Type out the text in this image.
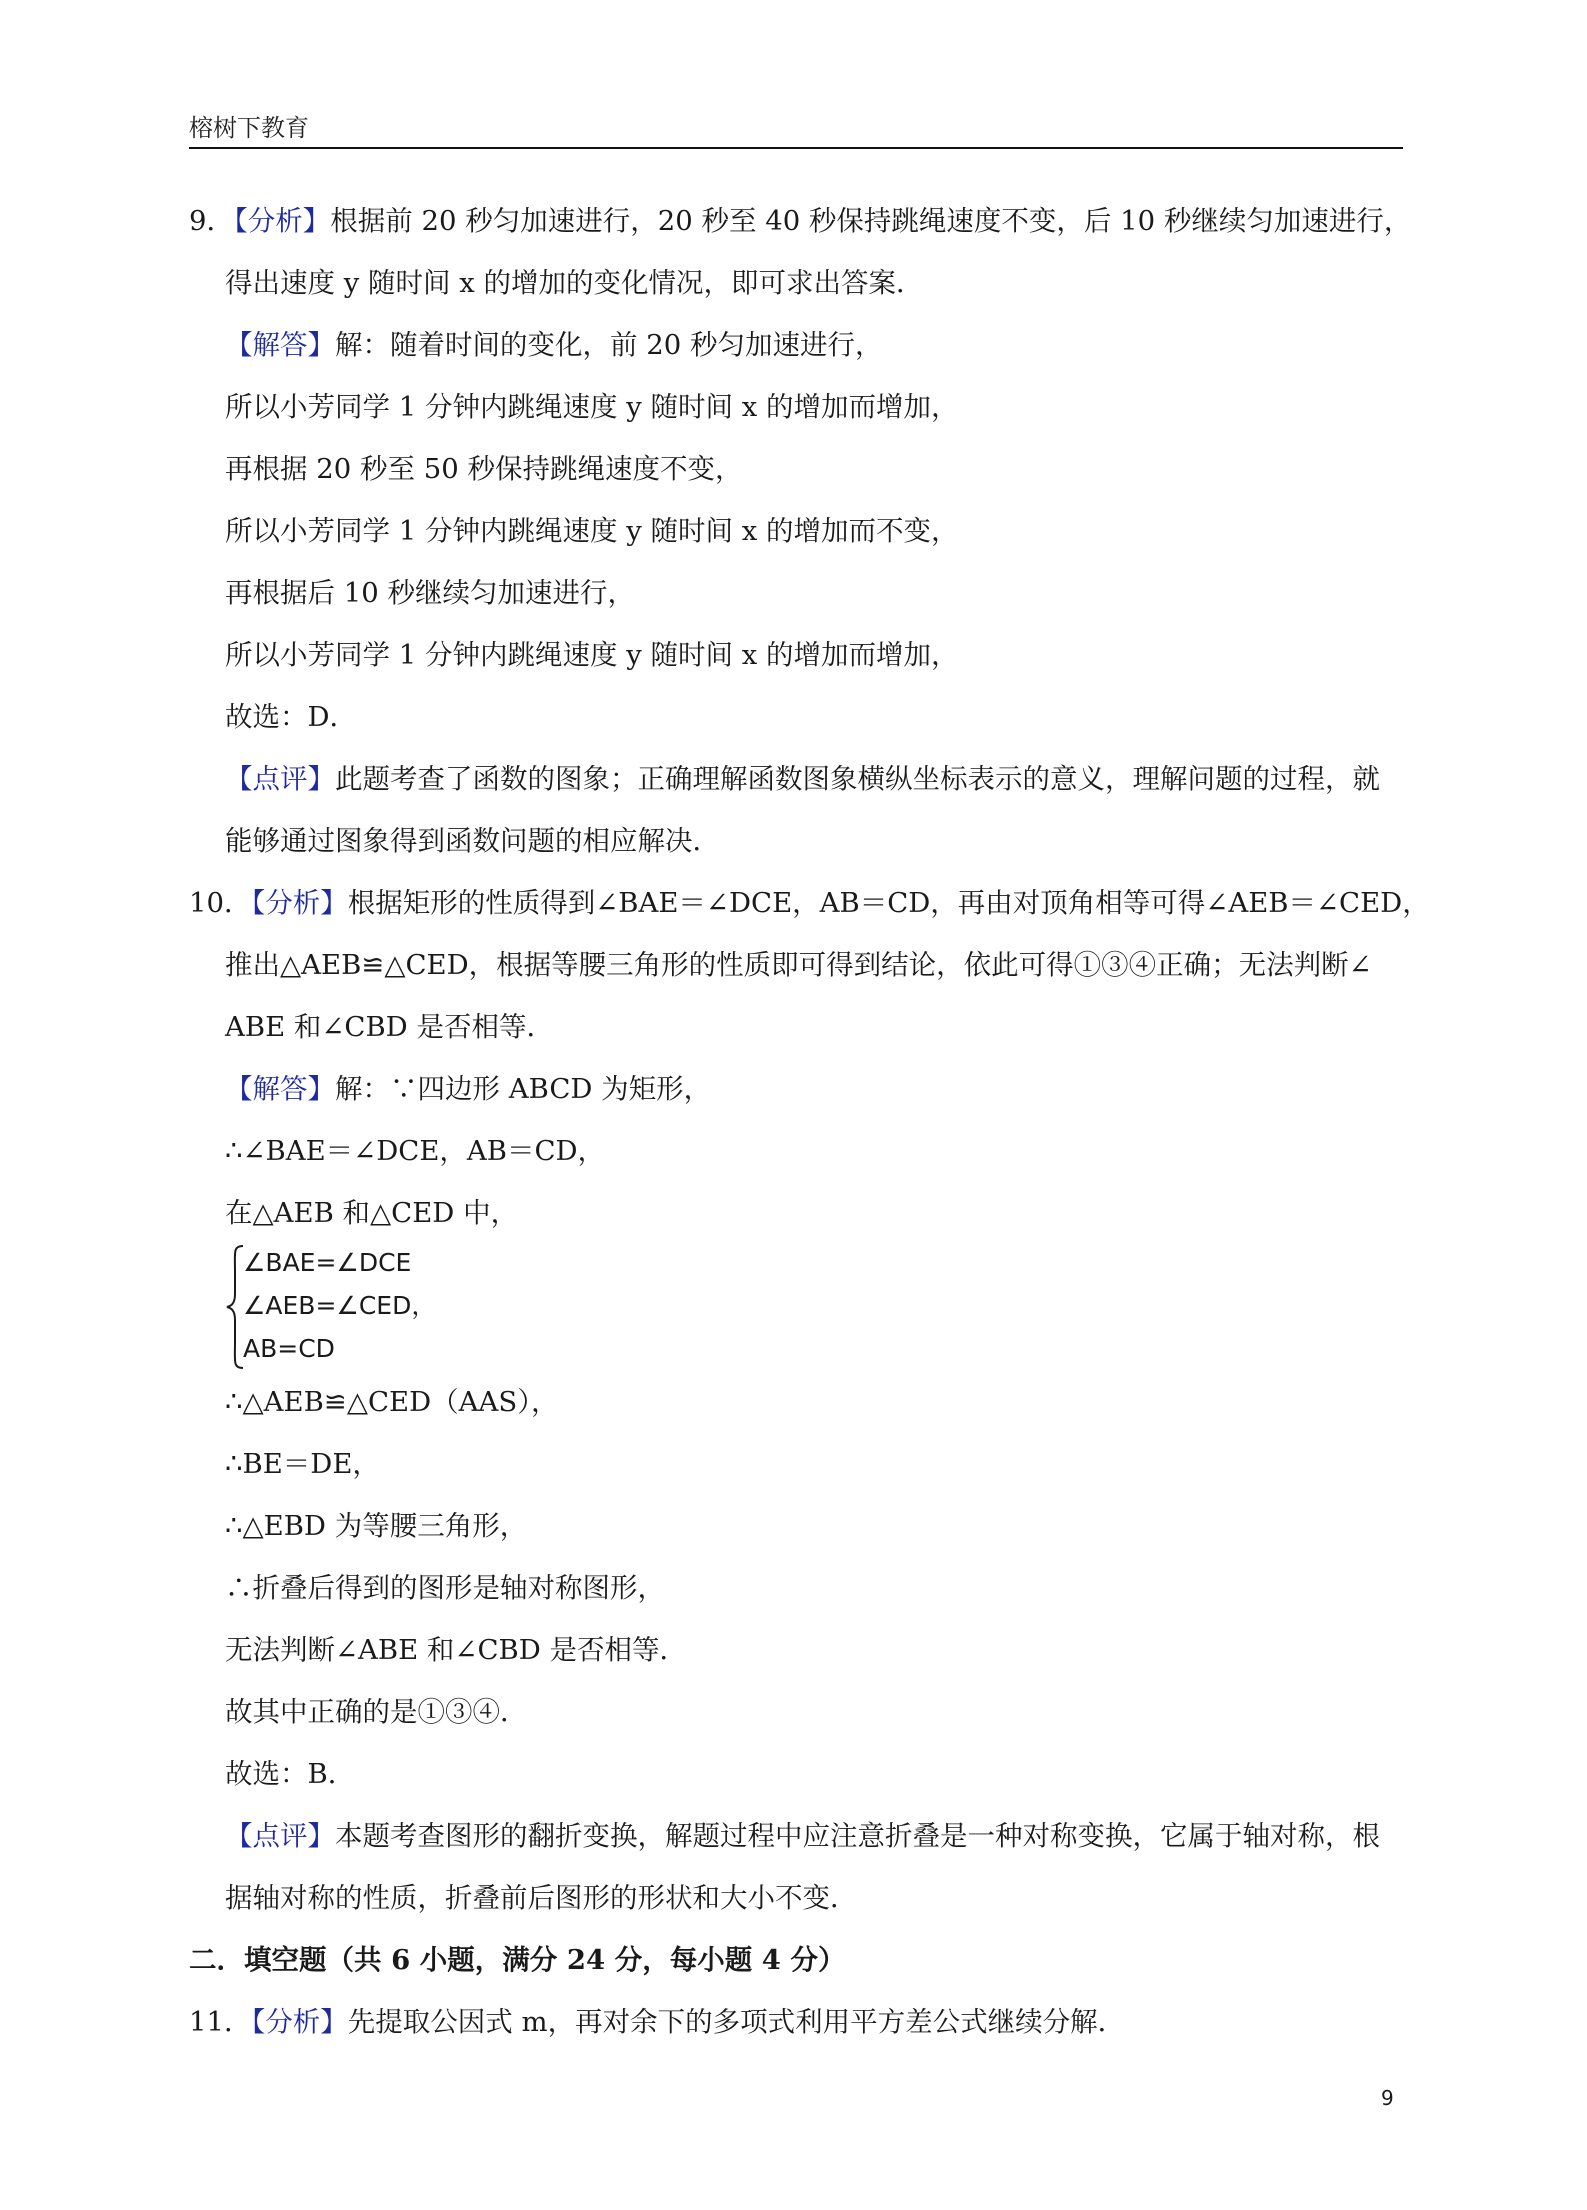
榕树下教育
9．【分析】根据前 20 秒匀加速进行，20 秒至 40 秒保持跳绳速度不变，后 10 秒继续匀加速进行，
得出速度 y 随时间 x 的增加的变化情况，即可求出答案．
【解答】解：随着时间的变化，前 20 秒匀加速进行，
所以小芳同学 1 分钟内跳绳速度 y 随时间 x 的增加而增加，
再根据 20 秒至 50 秒保持跳绳速度不变，
所以小芳同学 1 分钟内跳绳速度 y 随时间 x 的增加而不变，
再根据后 10 秒继续匀加速进行，
所以小芳同学 1 分钟内跳绳速度 y 随时间 x 的增加而增加，
故选：D．
【点评】此题考查了函数的图象；正确理解函数图象横纵坐标表示的意义，理解问题的过程，就
能够通过图象得到函数问题的相应解决．
10．【分析】根据矩形的性质得到∠BAE＝∠DCE，AB＝CD，再由对顶角相等可得∠AEB＝∠CED，
推出△AEB≌△CED，根据等腰三角形的性质即可得到结论，依此可得①③④正确；无法判断∠
ABE 和∠CBD 是否相等．
【解答】解：∵四边形 ABCD 为矩形，
∴∠BAE＝∠DCE，AB＝CD，
在△AEB 和△CED 中，
∠BAE=∠DCE
∠AEB=∠CED，
AB=CD
∴△AEB≌△CED（AAS），
∴BE＝DE，
∴△EBD 为等腰三角形，
∴折叠后得到的图形是轴对称图形，
无法判断∠ABE 和∠CBD 是否相等．
故其中正确的是①③④．
故选：B．
【点评】本题考查图形的翻折变换，解题过程中应注意折叠是一种对称变换，它属于轴对称，根
据轴对称的性质，折叠前后图形的形状和大小不变．
二．填空题（共 6 小题，满分 24 分，每小题 4 分）
11．【分析】先提取公因式 m，再对余下的多项式利用平方差公式继续分解．
9
